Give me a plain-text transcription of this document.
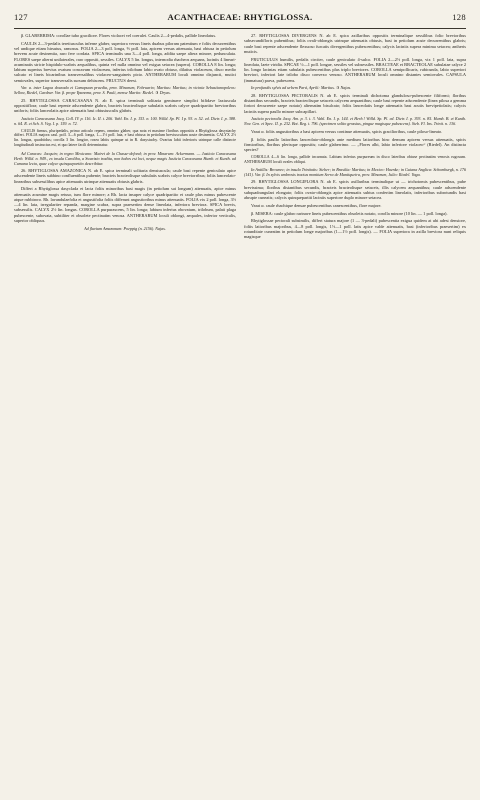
127	ACANTHACEAE: RHYTIGLOSSA.	128

β. GLABERRIMA: corollae tubo graciliore. Flores violacei vel coerulei. Caulis 2—4-pedalis, pallide lineolatus.

CAULIS 2—3-pedalis teretiusculus inferne glaber, superiora versus lineis duabus piloram patentium e foliis decurrentibus vel undique etiam hirsutus, ramosus. FOLIA 2—3 poll. longa, ⅔ poll. lata, apicem versus attenuata, basi obtusa in petiolum brevem acute desinentia, raro fere cordata. SPICA terminalis una 3—4 poll. longa, addita saepe altera minore, pedunculata. FLORES saepe alterni unilaterales, raro oppositi, sessiles. CALYX 5 lin. longus, internodia rhacheos aequans, laciniis 4 lineari-acuminatis stricte hispidulo-scabris aequalibus, quinta vel nulla omnino vel exigua setacea (supera). COROLLA 8 lin. longa; labium superius brevius ovatum concavum violaceum, inferius trilobum labio ovato obtuso, dilatius violaceum, disco medio sulcato et lineis bicarinibus transversalibus violaceo-sanguineis picto. ANTHERARUM loculi omnino disjuncti, mutici semiovales, superior transversalis sursum dehiscens. FRUCTUS deest.

Var. a. inter Lagoa dourada et Camapuan praedia, prov. Minarum, Februario; Martius: Martius; in vicinia Sebastianopoleos: Sellow, Riedel, Gardner. Var. β. prope Ypanema, prov. S. Pauli, mense Martio: Riedel. ♃ Dryas.

25. RHYTIGLOSSA CARACASANA N. ab E. spica terminali solitaria geminave simplici bifidave laxiuscula oppositiflora; caule basi repente adscendente glabro, bracteis bracteolisque subulatis scabris calyce quadripartito breviorribus uniforis; foliis lanceolatis apice attenuatis basi obtusiusculis glabris.

Justicia Caracasana Jacq. Coll. IV. p. 116. Ic. II. t. 206. Vahl. En. I. p. 153. n. 100. Willd. Sp. Pl. I p. 93. n. 52. ed. Dietr. I. p. 388. n. 64. R. et Sch. S. Veg. I. p. 159. n. 72.

CAULIS firmus, pluripedalis, primo articulo repens, omnino glaber, qua nota et maxime floribus oppositis a Rhytiglossa dasystachy differt. FOLIA majora caul. poll. 3—6 poll. longa, 1—1½ poll. lata, e basi obtusa in petiolum breviusculum acute desinentia. CALYX 2½ lin. longus, quadriidus; corolla 3 lin. longior, rosea labiis quinque ut in R. dasystachy. Ovarius labii inferioris utrinque calle distincte longitudinali instructus est, et quo latere facili determinatur.

Ad Caracas: Jacquin; in regno Mexicano: Mairet de la Chasse-defond; in prov. Minarum: Ackermann. — Justicia Caracasana Herb. Willd. n. 949., ex insula Caroliba, a Swartzio tradita, non habes est loci, neque magis Justicia Caracasana Humb. et Kunth. ad Cumana lecta, quae calyce quinquepartito describitur.

26. RHYTIGLOSSA AMAZONICA N. ab E. spica terminali solitaria densiuscula; caule basi repente geniculato apice adscendente lineis subbino confluentibus pubente; bracteis bracteolisque subulatis scabris calyce breviorribus; foliis lanceolato-linearibus subsessilibus apice attenuatis utrinque attenuatis obtusis glabris.

Differt a Rhytiglossa dasyclada et lacta foliis minoribus basi magis (in petiolum sat longum) attenuatis, apice minus attenuatis acumine magis retuso, tum flore minore; a Rh. lacta insuper calyce quadripartito et caule plus minus pubescente atque rubbiroro. Rh. lavandulaefolia et angustifolia foliis differunt angustioribus minus attenuatis. FOLIA vix 2 poll. longa, 3½—4 lin. lata, irregulariter repanda, margine scabra, supra praesertim dense lineolata, inferiora breviora. SPICA brevis, subsessilis. CALYX 2½ lin. longus. COROLLA purpurascens, 5 lin. longa; labium inferius obovatum, trilobum, palati plaga pubescente, subovata, subtiliter et obsolete pectinatim venosa. ANTHERARUM loculi oblongi, aequales, inferior verticalis, superior obliquus.

Ad fluvium Amazonum: Poeppig (n. 2156). Najas.

27. RHYTIGLOSSA DIVERGENS N. ab E. spica axillaribus oppositis terminalique sessilibus folio brevioribus subsecundifloris pubentibus; foliis ovali-oblongis utrinque attenuatis obtusis, basi in petiolum acute decurrentibus glabris; caule basi repente adscendente flexuoso furcatis divergentibus pubescentibus; calycis laciniis supera minima setacea; antheris muticis.

FRUTICULUS humilis, pedalis circiter, caule geniculato 4-sulco. FOLIA 2—2½ poll. longa, vix 1 poll. lata, supra lineolata, laete viridia. SPICAE ½—1 poll. longae, sessiles vel subsessiles. BRACTEAE et BRACTEOLAE subulatae calyce 2 lin. longo lacinias etiam subulatis pubescentibus plus triplo breviores. COROLLA semipollicaris, rubicunda, labio superiori breviori, inferiori late trilobo disco convexo venoso. ANTHERARUM loculi omnino distantes semiovales. CAPSULA (immatura) parva, pubescens.

In profundis sylvis ad urbem Pará, Aprili: Martius. ♃ Najas.

28. RHYTIGLOSSA PECTORALIS N. ab E. spicis terminali dichotoma glanduloso-pubescente filiformi; floribus distantibus secundis, bracteis bracteolisque setaceis calycem aequantibus; caule basi repente adscendente (linea pilosa a gemma foriori decurrente saepe notato) alternatim bisulcato; foliis lanceolatis longe attenuatis basi acutis brevipetiolatis; calycis laciniis supera paullo minore subcapillari.

Justicia pectoralis Jacq. Am. p. 3. t. 3. Vahl. En. I. p. 144. et Herb.! Willd. Sp. Pl. ed. Dietr. I. p. 393. n. 85. Humb. B. et Kunth. Nov. Gen. et Spec. II. p. 232. Bot. Reg. t. 796. (specimen solito grossius, pingue magisque pubescens). Sieb. Fl. Ins. Trinit. n. 136.

Varat α. foliis angustioribus a basi apicem versus continue attenuatis, spicis gracilioribus, caule piloso-lineato.

β. foliis paullo latioribus lanceolato-oblongis ante medium latioribus hinc demum apicem versus attenuatis, spicis firmioribus, floribus plerisque oppositis; caule glaberrimo. — „Flores albi, labio inferiore violaceo“ (Riedel). An distincta species?

COROLLA 4—6 lin. longa, pallide incarnata. Labium inferius purpureum in disco lateribus obtuse pectinatim venosis rugosum. ANTHERARUM loculi ovales obliqui.

In Antillis: Brownec; in insula Trinitatis: Sieber; in Brasilia: Martius; in Mexico: Haenke; in Guiana Anglica: Schomburgk, n. 176 (141). Var. β. In sylvis umbrosis tractus montium Serra de Mantiqueira, prov. Minarum, Julio: Riedel. Vaga.

29. RHYTIGLOSSA LONGIFLORA N. ab E. spicis axillaribus terminalique ut — trichotomis pubescentibus, pube brevissima; floribus distantibus secundis, bracteis bracteolisque setaceis, illis calycem aequantibus; caule adscendente subquadrangulari elongato; foliis ovato-oblongis apice attenuatis subtus confertim lineolatis, inferioribus subrotundis basi abrupte cuneatis; calycis quinquepartiti laciniis superiore duplo minore setacea.

Varat α. caule rhachique densae pubescentibus canescentibus, flore majore.

β. MISERA: caule glabro rarinave lineis pubescentibus obsoletis notato, corolla minore (10 lin. — 1 poll. longa).

Rhytiglossae pectorali subsimilis, differt statura majore (1 — 3-pedali) pubescentia exigua quidem at ubi adest densiore, foliis latioribus majoribus, 4—8 poll. longis, 1½—1 poll. latis apice valde attenuatis, basi (inferioribus praesertim) ex rotunditate cuneatim in petiolum longe majoribus (1—1½ poll. longis). — FOLIA superiora in axilla breviora nunt reliquis magisque
